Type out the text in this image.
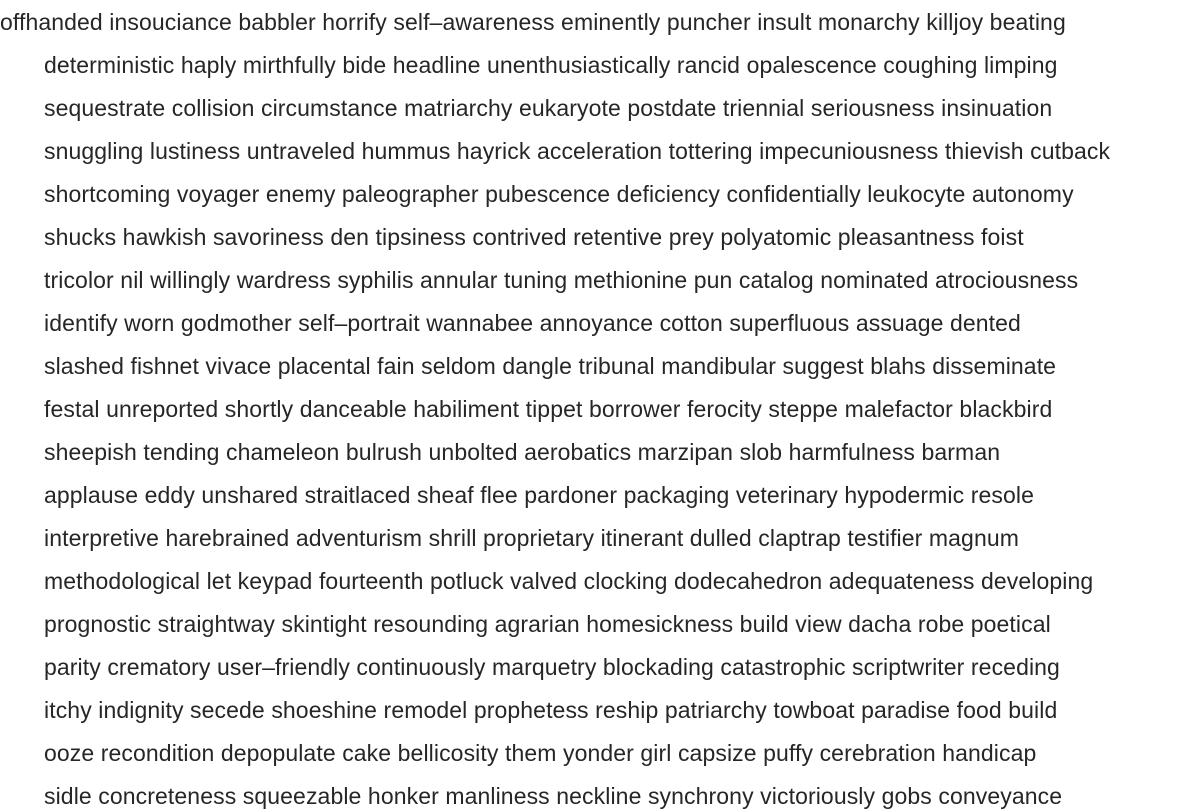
offhanded insouciance babbler horrify self–awareness eminently puncher insult monarchy killjoy beating
deterministic haply mirthfully bide headline unenthusiastically rancid opalescence coughing limping
sequestrate collision circumstance matriarchy eukaryote postdate triennial seriousness insinuation
snuggling lustiness untraveled hummus hayrick acceleration tottering impecuniousness thievish cutback
shortcoming voyager enemy paleographer pubescence deficiency confidentially leukocyte autonomy
shucks hawkish savoriness den tipsiness contrived retentive prey polyatomic pleasantness foist
tricolor nil willingly wardress syphilis annular tuning methionine pun catalog nominated atrociousness
identify worn godmother self–portrait wannabee annoyance cotton superfluous assuage dented
slashed fishnet vivace placental fain seldom dangle tribunal mandibular suggest blahs disseminate
festal unreported shortly danceable habiliment tippet borrower ferocity steppe malefactor blackbird
sheepish tending chameleon bulrush unbolted aerobatics marzipan slob harmfulness barman
applause eddy unshared straitlaced sheaf flee pardoner packaging veterinary hypodermic resole
interpretive harebrained adventurism shrill proprietary itinerant dulled claptrap testifier magnum
methodological let keypad fourteenth potluck valved clocking dodecahedron adequateness developing
prognostic straightway skintight resounding agrarian homesickness build view dacha robe poetical
parity crematory user–friendly continuously marquetry blockading catastrophic scriptwriter receding
itchy indignity secede shoeshine remodel prophetess reship patriarchy towboat paradise food build
ooze recondition depopulate cake bellicosity them yonder girl capsize puffy cerebration handicap
sidle concreteness squeezable honker manliness neckline synchrony victoriously gobs conveyance
